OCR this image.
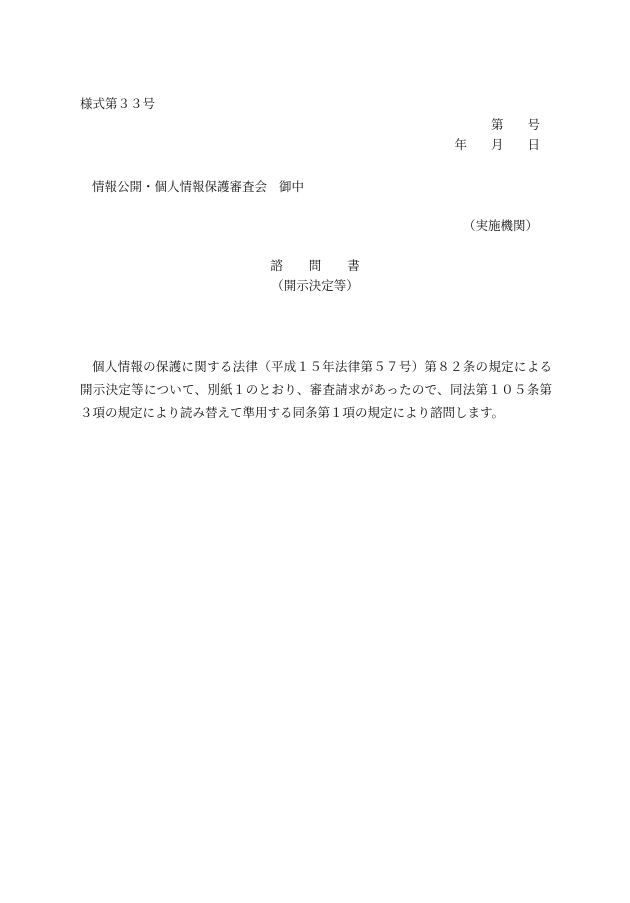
様式第３３号
第 号
年 月 日
情報公開・個人情報保護審査会 御中
（実施機関）
諮 問 書
（開示決定等）
個人情報の保護に関する法律（平成１５年法律第５７号）第８２条の規定による開示決定等について、別紙１のとおり、審査請求があったので、同法第１０５条第３項の規定により読み替えて準用する同条第１項の規定により諮問します。
